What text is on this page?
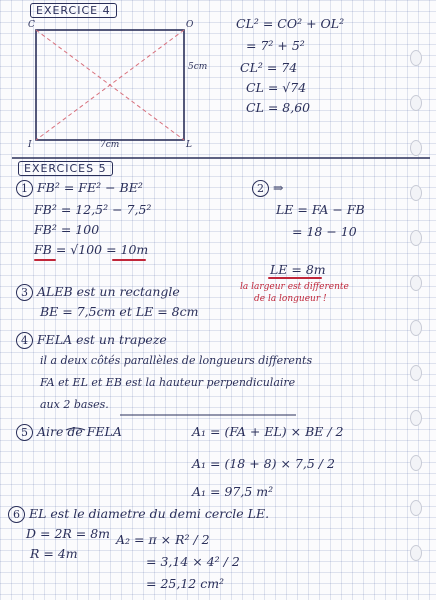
EXERCICE 4
C	O
I	L
5cm
7cm
CL² = CO² + OL²
= 7² + 5²
CL² = 74
CL = √74
CL = 8,60
EXERCICES 5
1 FB² = FE² − BE²
FB² = 12,5² − 7,5²
FB² = 100
FB = √100 = 10m
2 ⇒
LE = FA − FB
= 18 − 10
LE = 8m
la largeur est differente
de la longueur !
3 ALEB est un rectangle
BE = 7,5cm et LE = 8cm
4 FELA est un trapeze
il a deux côtés parallèles de longueurs differents
FA et EL et EB est la hauteur perpendiculaire
aux 2 bases.
5 Aire de FELA	A₁ = (FA + EL) × BE / 2
A₁ = (18 + 8) × 7,5 / 2
A₁ = 97,5 m²
6 EL est le diametre du demi cercle LE.
D = 2R = 8m
R = 4m
A₂ = π × R² / 2
= 3,14 × 4² / 2
= 25,12 cm²
